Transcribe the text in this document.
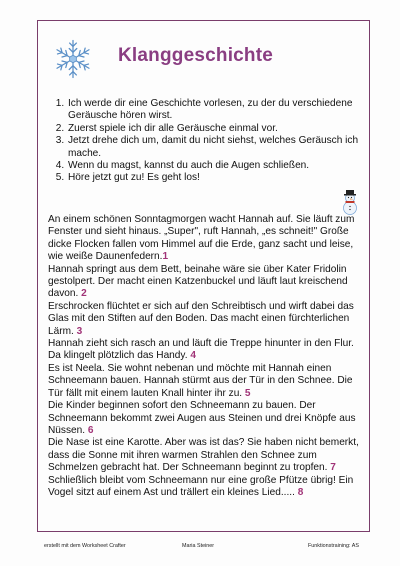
Klanggeschichte
1. Ich werde dir eine Geschichte vorlesen, zu der du verschiedene Geräusche hören wirst.
2. Zuerst spiele ich dir alle Geräusche einmal vor.
3. Jetzt drehe dich um, damit du nicht siehst, welches Geräusch ich mache.
4. Wenn du magst, kannst du auch die Augen schließen.
5. Höre jetzt gut zu! Es geht los!

An einem schönen Sonntagmorgen wacht Hannah auf. Sie läuft zum Fenster und sieht hinaus. „Super", ruft Hannah, „es schneit!" Große dicke Flocken fallen vom Himmel auf die Erde, ganz sacht und leise, wie weiße Daunenfedern.1

Hannah springt aus dem Bett, beinahe wäre sie über Kater Fridolin gestolpert. Der macht einen Katzenbuckel und läuft laut kreischend davon. 2

Erschrocken flüchtet er sich auf den Schreibtisch und wirft dabei das Glas mit den Stiften auf den Boden. Das macht einen fürchterlichen Lärm. 3

Hannah zieht sich rasch an und läuft die Treppe hinunter in den Flur. Da klingelt plötzlich das Handy. 4

Es ist Neela. Sie wohnt nebenan und möchte mit Hannah einen Schneemann bauen. Hannah stürmt aus der Tür in den Schnee. Die Tür fällt mit einem lauten Knall hinter ihr zu. 5

Die Kinder beginnen sofort den Schneemann zu bauen. Der Schneemann bekommt zwei Augen aus Steinen und drei Knöpfe aus Nüssen. 6

Die Nase ist eine Karotte. Aber was ist das? Sie haben nicht bemerkt, dass die Sonne mit ihren warmen Strahlen den Schnee zum Schmelzen gebracht hat. Der Schneemann beginnt zu tropfen. 7

Schließlich bleibt vom Schneemann nur eine große Pfütze übrig! Ein Vogel sitzt auf einem Ast und trällert ein kleines Lied..... 8

erstellt mit dem Worksheet Crafter	Maria Steiner	Funktionstraining: AS
